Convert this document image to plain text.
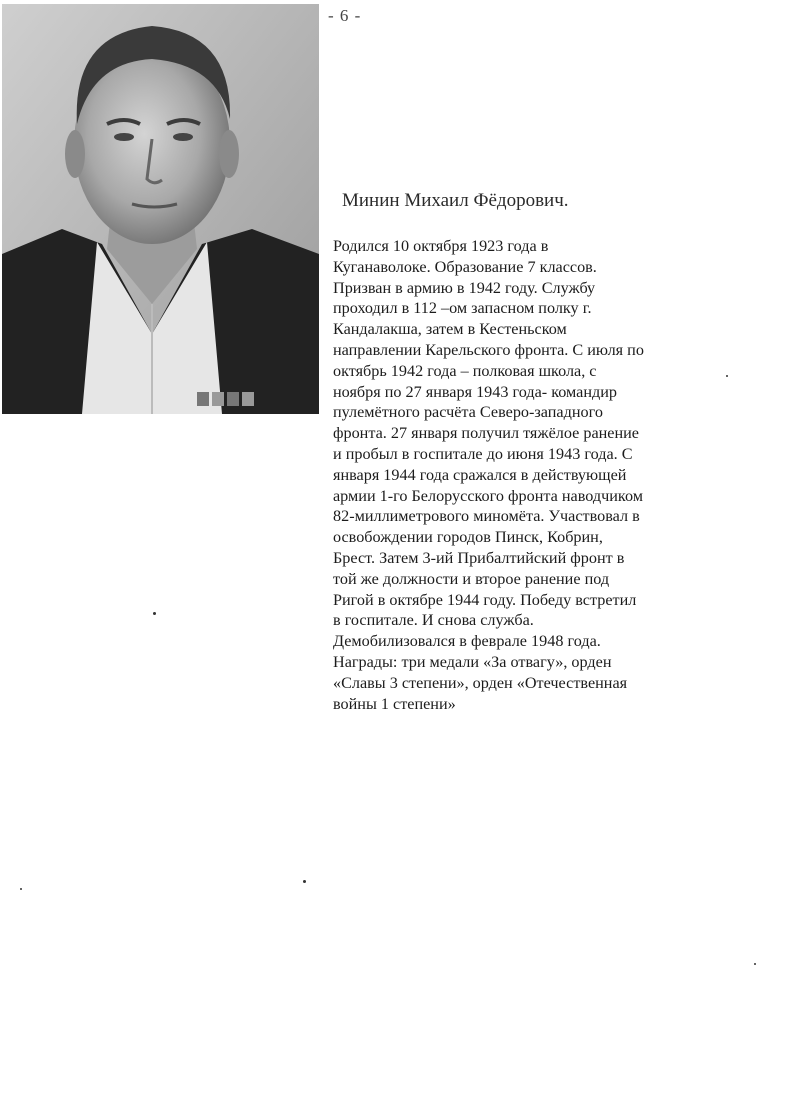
- 6 -
Минин Михаил Фёдорович.
Родился 10 октября 1923 года в
Куганаволоке. Образование 7 классов.
Призван в армию в 1942 году. Службу
проходил в 112 –ом запасном полку г.
Кандалакша, затем в Кестеньском
направлении Карельского фронта. С июля по
октябрь 1942 года – полковая школа, с
ноября по 27 января 1943 года- командир
пулемётного расчёта Северо-западного
фронта. 27 января получил тяжёлое ранение
и пробыл в госпитале до июня 1943 года. С
января 1944 года сражался в действующей
армии 1-го Белорусского фронта наводчиком
82-миллиметрового миномёта. Участвовал в
освобождении городов Пинск, Кобрин,
Брест. Затем 3-ий Прибалтийский фронт в
той же должности и второе ранение под
Ригой в октябре 1944 году. Победу встретил
в госпитале. И снова служба.
Демобилизовался в феврале 1948 года.
Награды: три медали «За отвагу», орден
«Славы 3 степени», орден «Отечественная
войны 1 степени»
